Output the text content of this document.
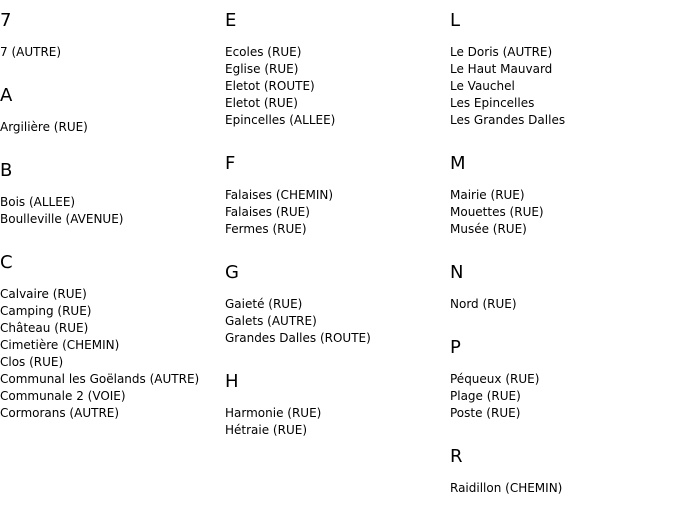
7
7 (AUTRE)
A
Argilière (RUE)
B
Bois (ALLEE)
Boulleville (AVENUE)
C
Calvaire (RUE)
Camping (RUE)
Château (RUE)
Cimetière (CHEMIN)
Clos (RUE)
Communal les Goëlands (AUTRE)
Communale 2 (VOIE)
Cormorans (AUTRE)
E
Ecoles (RUE)
Eglise (RUE)
Eletot (ROUTE)
Eletot (RUE)
Epincelles (ALLEE)
F
Falaises (CHEMIN)
Falaises (RUE)
Fermes (RUE)
G
Gaieté (RUE)
Galets (AUTRE)
Grandes Dalles (ROUTE)
H
Harmonie (RUE)
Hétraie (RUE)
L
Le Doris (AUTRE)
Le Haut Mauvard
Le Vauchel
Les Epincelles
Les Grandes Dalles
M
Mairie (RUE)
Mouettes (RUE)
Musée (RUE)
N
Nord (RUE)
P
Péqueux (RUE)
Plage (RUE)
Poste (RUE)
R
Raidillon (CHEMIN)
